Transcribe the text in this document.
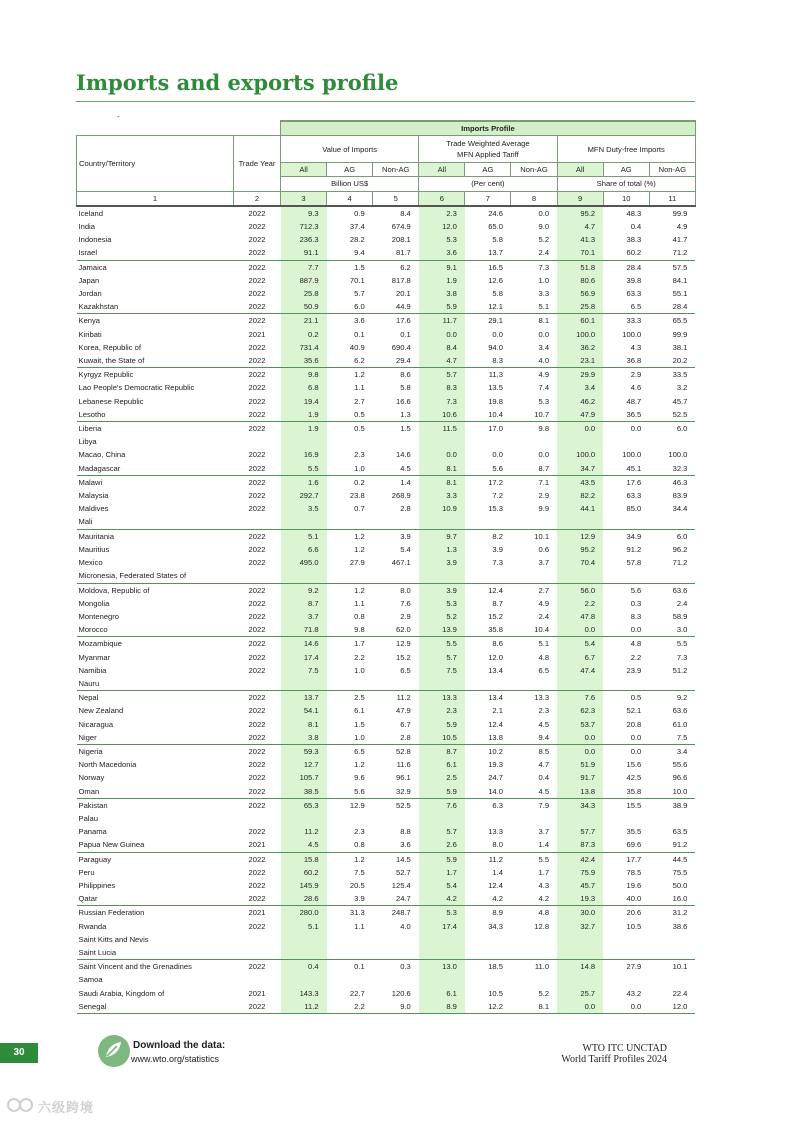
Imports and exports profile
-
		Imports Profile								
Country/Territory	Trade Year	Value of Imports			Trade Weighted Average
MFN Applied Tariff			MFN Duty-free Imports		
		All	AG	Non-AG	All	AG	Non-AG	All	AG	Non-AG
		Billion US$			(Per cent)			Share of total (%)		
1	2	3	4	5	6	7	8	9	10	11
Iceland	2022	9.3	0.9	8.4	2.3	24.6	0.0	95.2	48.3	99.9
India	2022	712.3	37.4	674.9	12.0	65.0	9.0	4.7	0.4	4.9
Indonesia	2022	236.3	28.2	208.1	5.3	5.8	5.2	41.3	38.3	41.7
Israel	2022	91.1	9.4	81.7	3.6	13.7	2.4	70.1	60.2	71.2
Jamaica	2022	7.7	1.5	6.2	9.1	16.5	7.3	51.8	28.4	57.5
Japan	2022	887.9	70.1	817.8	1.9	12.6	1.0	80.6	39.8	84.1
Jordan	2022	25.8	5.7	20.1	3.8	5.8	3.3	56.9	63.3	55.1
Kazakhstan	2022	50.9	6.0	44.9	5.9	12.1	5.1	25.8	6.5	28.4
Kenya	2022	21.1	3.6	17.6	11.7	29.1	8.1	60.1	33.3	65.5
Kiribati	2021	0.2	0.1	0.1	0.0	0.0	0.0	100.0	100.0	99.9
Korea, Republic of	2022	731.4	40.9	690.4	8.4	94.0	3.4	36.2	4.3	38.1
Kuwait, the State of	2022	35.6	6.2	29.4	4.7	8.3	4.0	23.1	36.8	20.2
Kyrgyz Republic	2022	9.8	1.2	8.6	5.7	11.3	4.9	29.9	2.9	33.5
Lao People's Democratic Republic	2022	6.8	1.1	5.8	8.3	13.5	7.4	3.4	4.6	3.2
Lebanese Republic	2022	19.4	2.7	16.6	7.3	19.8	5.3	46.2	48.7	45.7
Lesotho	2022	1.9	0.5	1.3	10.6	10.4	10.7	47.9	36.5	52.5
Liberia	2022	1.9	0.5	1.5	11.5	17.0	9.8	0.0	0.0	6.0
Libya										
Macao, China	2022	16.9	2.3	14.6	0.0	0.0	0.0	100.0	100.0	100.0
Madagascar	2022	5.5	1.0	4.5	8.1	5.6	8.7	34.7	45.1	32.3
Malawi	2022	1.6	0.2	1.4	8.1	17.2	7.1	43.5	17.6	46.3
Malaysia	2022	292.7	23.8	268.9	3.3	7.2	2.9	82.2	63.3	83.9
Maldives	2022	3.5	0.7	2.8	10.9	15.3	9.9	44.1	85.0	34.4
Mali										
Mauritania	2022	5.1	1.2	3.9	9.7	8.2	10.1	12.9	34.9	6.0
Mauritius	2022	6.6	1.2	5.4	1.3	3.9	0.6	95.2	91.2	96.2
Mexico	2022	495.0	27.9	467.1	3.9	7.3	3.7	70.4	57.8	71.2
Micronesia, Federated States of										
Moldova, Republic of	2022	9.2	1.2	8.0	3.9	12.4	2.7	56.0	5.6	63.6
Mongolia	2022	8.7	1.1	7.6	5.3	8.7	4.9	2.2	0.3	2.4
Montenegro	2022	3.7	0.8	2.9	5.2	15.2	2.4	47.8	8.3	58.9
Morocco	2022	71.8	9.8	62.0	13.9	35.8	10.4	0.0	0.0	3.0
Mozambique	2022	14.6	1.7	12.9	5.5	8.6	5.1	5.4	4.8	5.5
Myanmar	2022	17.4	2.2	15.2	5.7	12.0	4.8	6.7	2.2	7.3
Namibia	2022	7.5	1.0	6.5	7.5	13.4	6.5	47.4	23.9	51.2
Nauru										
Nepal	2022	13.7	2.5	11.2	13.3	13.4	13.3	7.6	0.5	9.2
New Zealand	2022	54.1	6.1	47.9	2.3	2.1	2.3	62.3	52.1	63.6
Nicaragua	2022	8.1	1.5	6.7	5.9	12.4	4.5	53.7	20.8	61.0
Niger	2022	3.8	1.0	2.8	10.5	13.8	9.4	0.0	0.0	7.5
Nigeria	2022	59.3	6.5	52.8	8.7	10.2	8.5	0.0	0.0	3.4
North Macedonia	2022	12.7	1.2	11.6	6.1	19.3	4.7	51.9	15.6	55.6
Norway	2022	105.7	9.6	96.1	2.5	24.7	0.4	91.7	42.5	96.6
Oman	2022	38.5	5.6	32.9	5.9	14.0	4.5	13.8	35.8	10.0
Pakistan	2022	65.3	12.9	52.5	7.6	6.3	7.9	34.3	15.5	38.9
Palau										
Panama	2022	11.2	2.3	8.8	5.7	13.3	3.7	57.7	35.5	63.5
Papua New Guinea	2021	4.5	0.8	3.6	2.6	8.0	1.4	87.3	69.6	91.2
Paraguay	2022	15.8	1.2	14.5	5.9	11.2	5.5	42.4	17.7	44.5
Peru	2022	60.2	7.5	52.7	1.7	1.4	1.7	75.9	78.5	75.5
Philippines	2022	145.9	20.5	125.4	5.4	12.4	4.3	45.7	19.6	50.0
Qatar	2022	28.6	3.9	24.7	4.2	4.2	4.2	19.3	40.0	16.0
Russian Federation	2021	280.0	31.3	248.7	5.3	8.9	4.8	30.0	20.6	31.2
Rwanda	2022	5.1	1.1	4.0	17.4	34.3	12.8	32.7	10.5	38.6
Saint Kitts and Nevis										
Saint Lucia										
Saint Vincent and the Grenadines	2022	0.4	0.1	0.3	13.0	18.5	11.0	14.8	27.9	10.1
Samoa										
Saudi Arabia, Kingdom of	2021	143.3	22.7	120.6	6.1	10.5	5.2	25.7	43.2	22.4
Senegal	2022	11.2	2.2	9.0	8.9	12.2	8.1	0.0	0.0	12.0
30
Download the data:
www.wto.org/statistics
WTO ITC UNCTAD
World Tariff Profiles 2024
六级跨境
